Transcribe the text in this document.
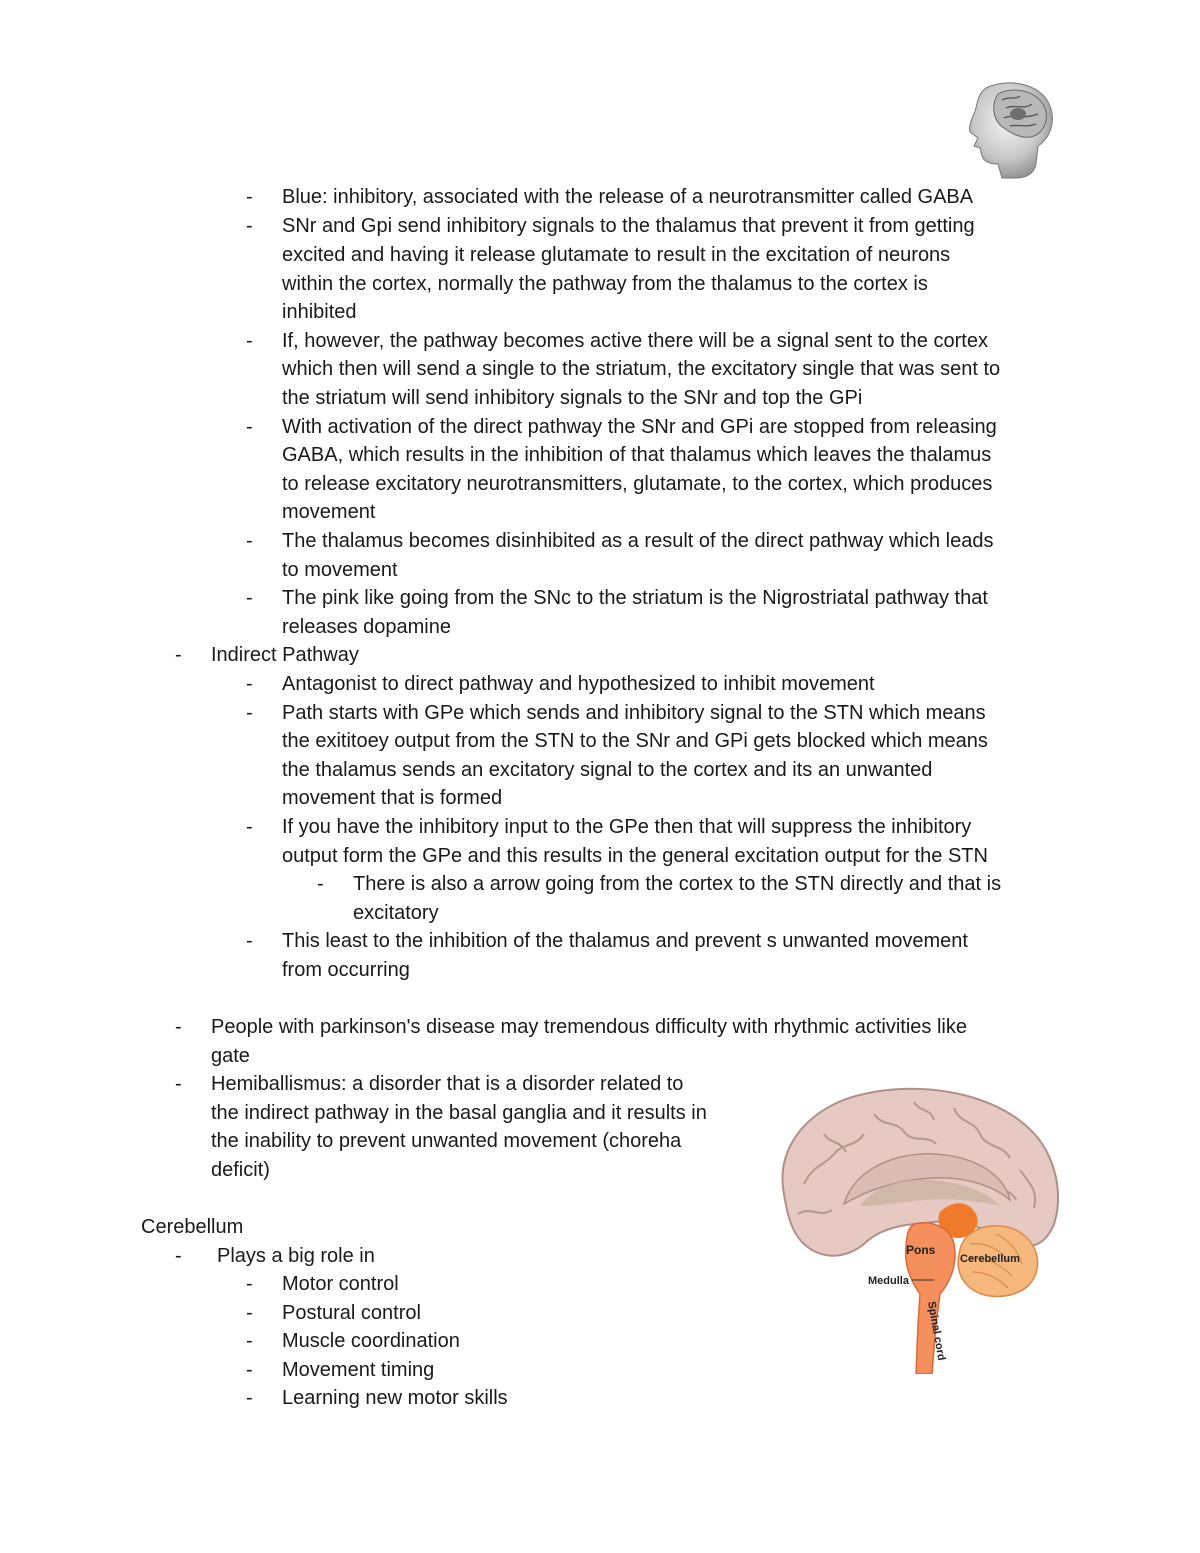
Pons
Cerebellum
Medulla
Spinal cord
- Blue: inhibitory, associated with the release of a neurotransmitter called GABA
- SNr and Gpi send inhibitory signals to the thalamus that prevent it from getting
excited and having it release glutamate to result in the excitation of neurons
within the cortex, normally the pathway from the thalamus to the cortex is
inhibited
- If, however, the pathway becomes active there will be a signal sent to the cortex
which then will send a single to the striatum, the excitatory single that was sent to
the striatum will send inhibitory signals to the SNr and top the GPi
- With activation of the direct pathway the SNr and GPi are stopped from releasing
GABA, which results in the inhibition of that thalamus which leaves the thalamus
to release excitatory neurotransmitters, glutamate, to the cortex, which produces
movement
- The thalamus becomes disinhibited as a result of the direct pathway which leads
to movement
- The pink like going from the SNc to the striatum is the Nigrostriatal pathway that
releases dopamine
- Indirect Pathway
- Antagonist to direct pathway and hypothesized to inhibit movement
- Path starts with GPe which sends and inhibitory signal to the STN which means
the exititoey output from the STN to the SNr and GPi gets blocked which means
the thalamus sends an excitatory signal to the cortex and its an unwanted
movement that is formed
- If you have the inhibitory input to the GPe then that will suppress the inhibitory
output form the GPe and this results in the general excitation output for the STN
- There is also a arrow going from the cortex to the STN directly and that is
excitatory
- This least to the inhibition of the thalamus and prevent s unwanted movement
from occurring
- People with parkinson's disease may tremendous difficulty with rhythmic activities like
gate
- Hemiballismus: a disorder that is a disorder related to
the indirect pathway in the basal ganglia and it results in
the inability to prevent unwanted movement (choreha
deficit)
Cerebellum
- Plays a big role in
- Motor control
- Postural control
- Muscle coordination
- Movement timing
- Learning new motor skills
